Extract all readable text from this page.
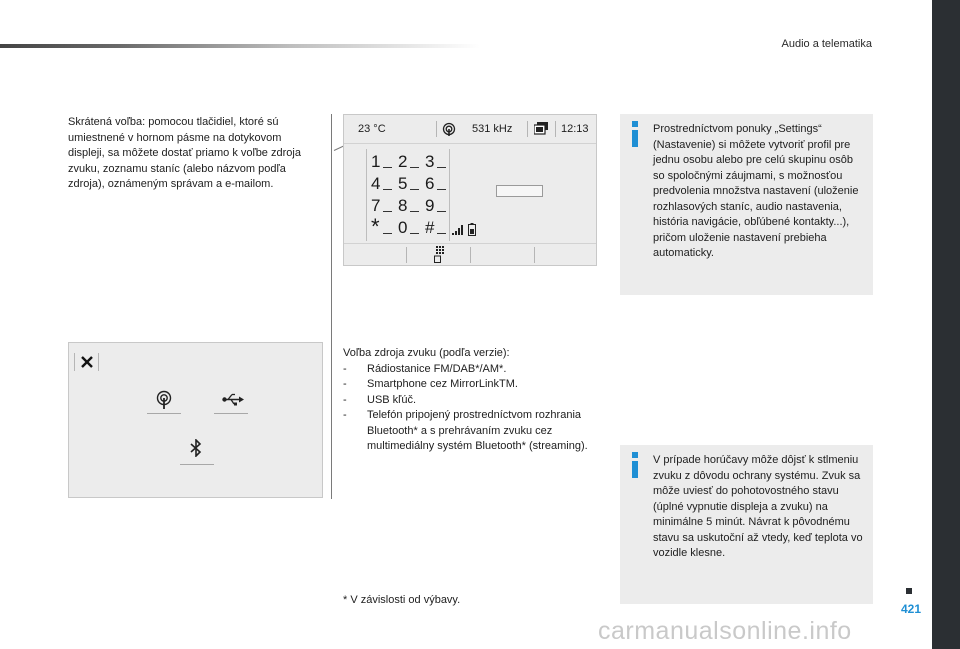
Audio a telematika
Skrátená voľba: pomocou tlačidiel, ktoré sú umiestnené v hornom pásme na dotykovom displeji, sa môžete dostať priamo k voľbe zdroja zvuku, zoznamu staníc (alebo názvom podľa zdroja), oznámeným správam a e-mailom.
23 °C	531 kHz	12:13
1 2 3
4 5 6
7 8 9
* 0 #
Prostredníctvom ponuky „Settings“ (Nastavenie) si môžete vytvoriť profil pre jednu osobu alebo pre celú skupinu osôb so spoločnými záujmami, s možnosťou predvolenia množstva nastavení (uloženie rozhlasových staníc, audio nastavenia, história navigácie, obľúbené kontakty...), pričom uloženie nastavení prebieha automaticky.
Voľba zdroja zvuku (podľa verzie):
- Rádiostanice FM/DAB*/AM*.
- Smartphone cez MirrorLinkTM.
- USB kľúč.
- Telefón pripojený prostredníctvom rozhrania Bluetooth* a s prehrávaním zvuku cez multimediálny systém Bluetooth* (streaming).
V prípade horúčavy môže dôjsť k stlmeniu zvuku z dôvodu ochrany systému. Zvuk sa môže uviesť do pohotovostného stavu (úplné vypnutie displeja a zvuku) na minimálne 5 minút. Návrat k pôvodnému stavu sa uskutoční až vtedy, keď teplota vo vozidle klesne.
* V závislosti od výbavy.
421
carmanualsonline.info
